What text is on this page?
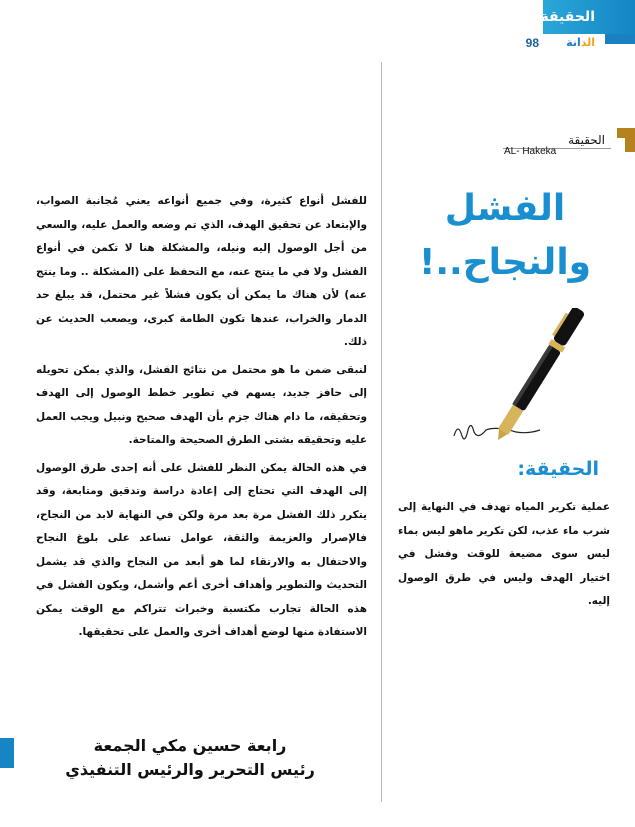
الحقيقة
الدانة
98
الحقيقة
AL- Hakeka
الفشل
والنجاح..!

للفشل أنواع كثيرة، وفي جميع أنواعه يعني مُجانبة الصواب، والإبتعاد عن تحقيق الهدف، الذي تم وضعه والعمل عليه، والسعي من أجل الوصول إليه ونيله، والمشكلة هنا لا تكمن في أنواع الفشل ولا في ما ينتج عنه، مع التحفظ على (المشكلة .. وما ينتج عنه) لأن هناك ما يمكن أن يكون فشلاً غير محتمل، قد يبلغ حد الدمار والخراب، عندها تكون الطامة كبرى، ويصعب الحديث عن ذلك.

لنبقى ضمن ما هو محتمل من نتائج الفشل، والذي يمكن تحويله إلى حافز جديد، يسهم في تطوير خطط الوصول إلى الهدف وتحقيقه، ما دام هناك جزم بأن الهدف صحيح ونبيل ويجب العمل عليه وتحقيقه بشتى الطرق الصحيحة والمتاحة.

في هذه الحالة يمكن النظر للفشل على أنه إحدى طرق الوصول إلى الهدف التي تحتاج إلى إعادة دراسة وتدقيق ومتابعة، وقد يتكرر ذلك الفشل مرة بعد مرة ولكن في النهاية لابد من النجاح، فالإصرار والعزيمة والثقة، عوامل تساعد على بلوغ النجاح والاحتفال به والارتقاء لما هو أبعد من النجاح والذي قد يشمل التحديث والتطوير وأهداف أخرى أعم وأشمل، ويكون الفشل في هذه الحالة تجارب مكتسبة وخبرات تتراكم مع الوقت يمكن الاستفادة منها لوضع أهداف أخرى والعمل على تحقيقها.

الحقيقة:

عملية تكرير المياه تهدف في النهاية إلى شرب ماء عذب، لكن تكرير ماهو ليس بماء ليس سوى مضيعة للوقت وفشل في اختيار الهدف وليس في طرق الوصول إليه.

رابعة حسين مكي الجمعة
رئيس التحرير والرئيس التنفيذي
